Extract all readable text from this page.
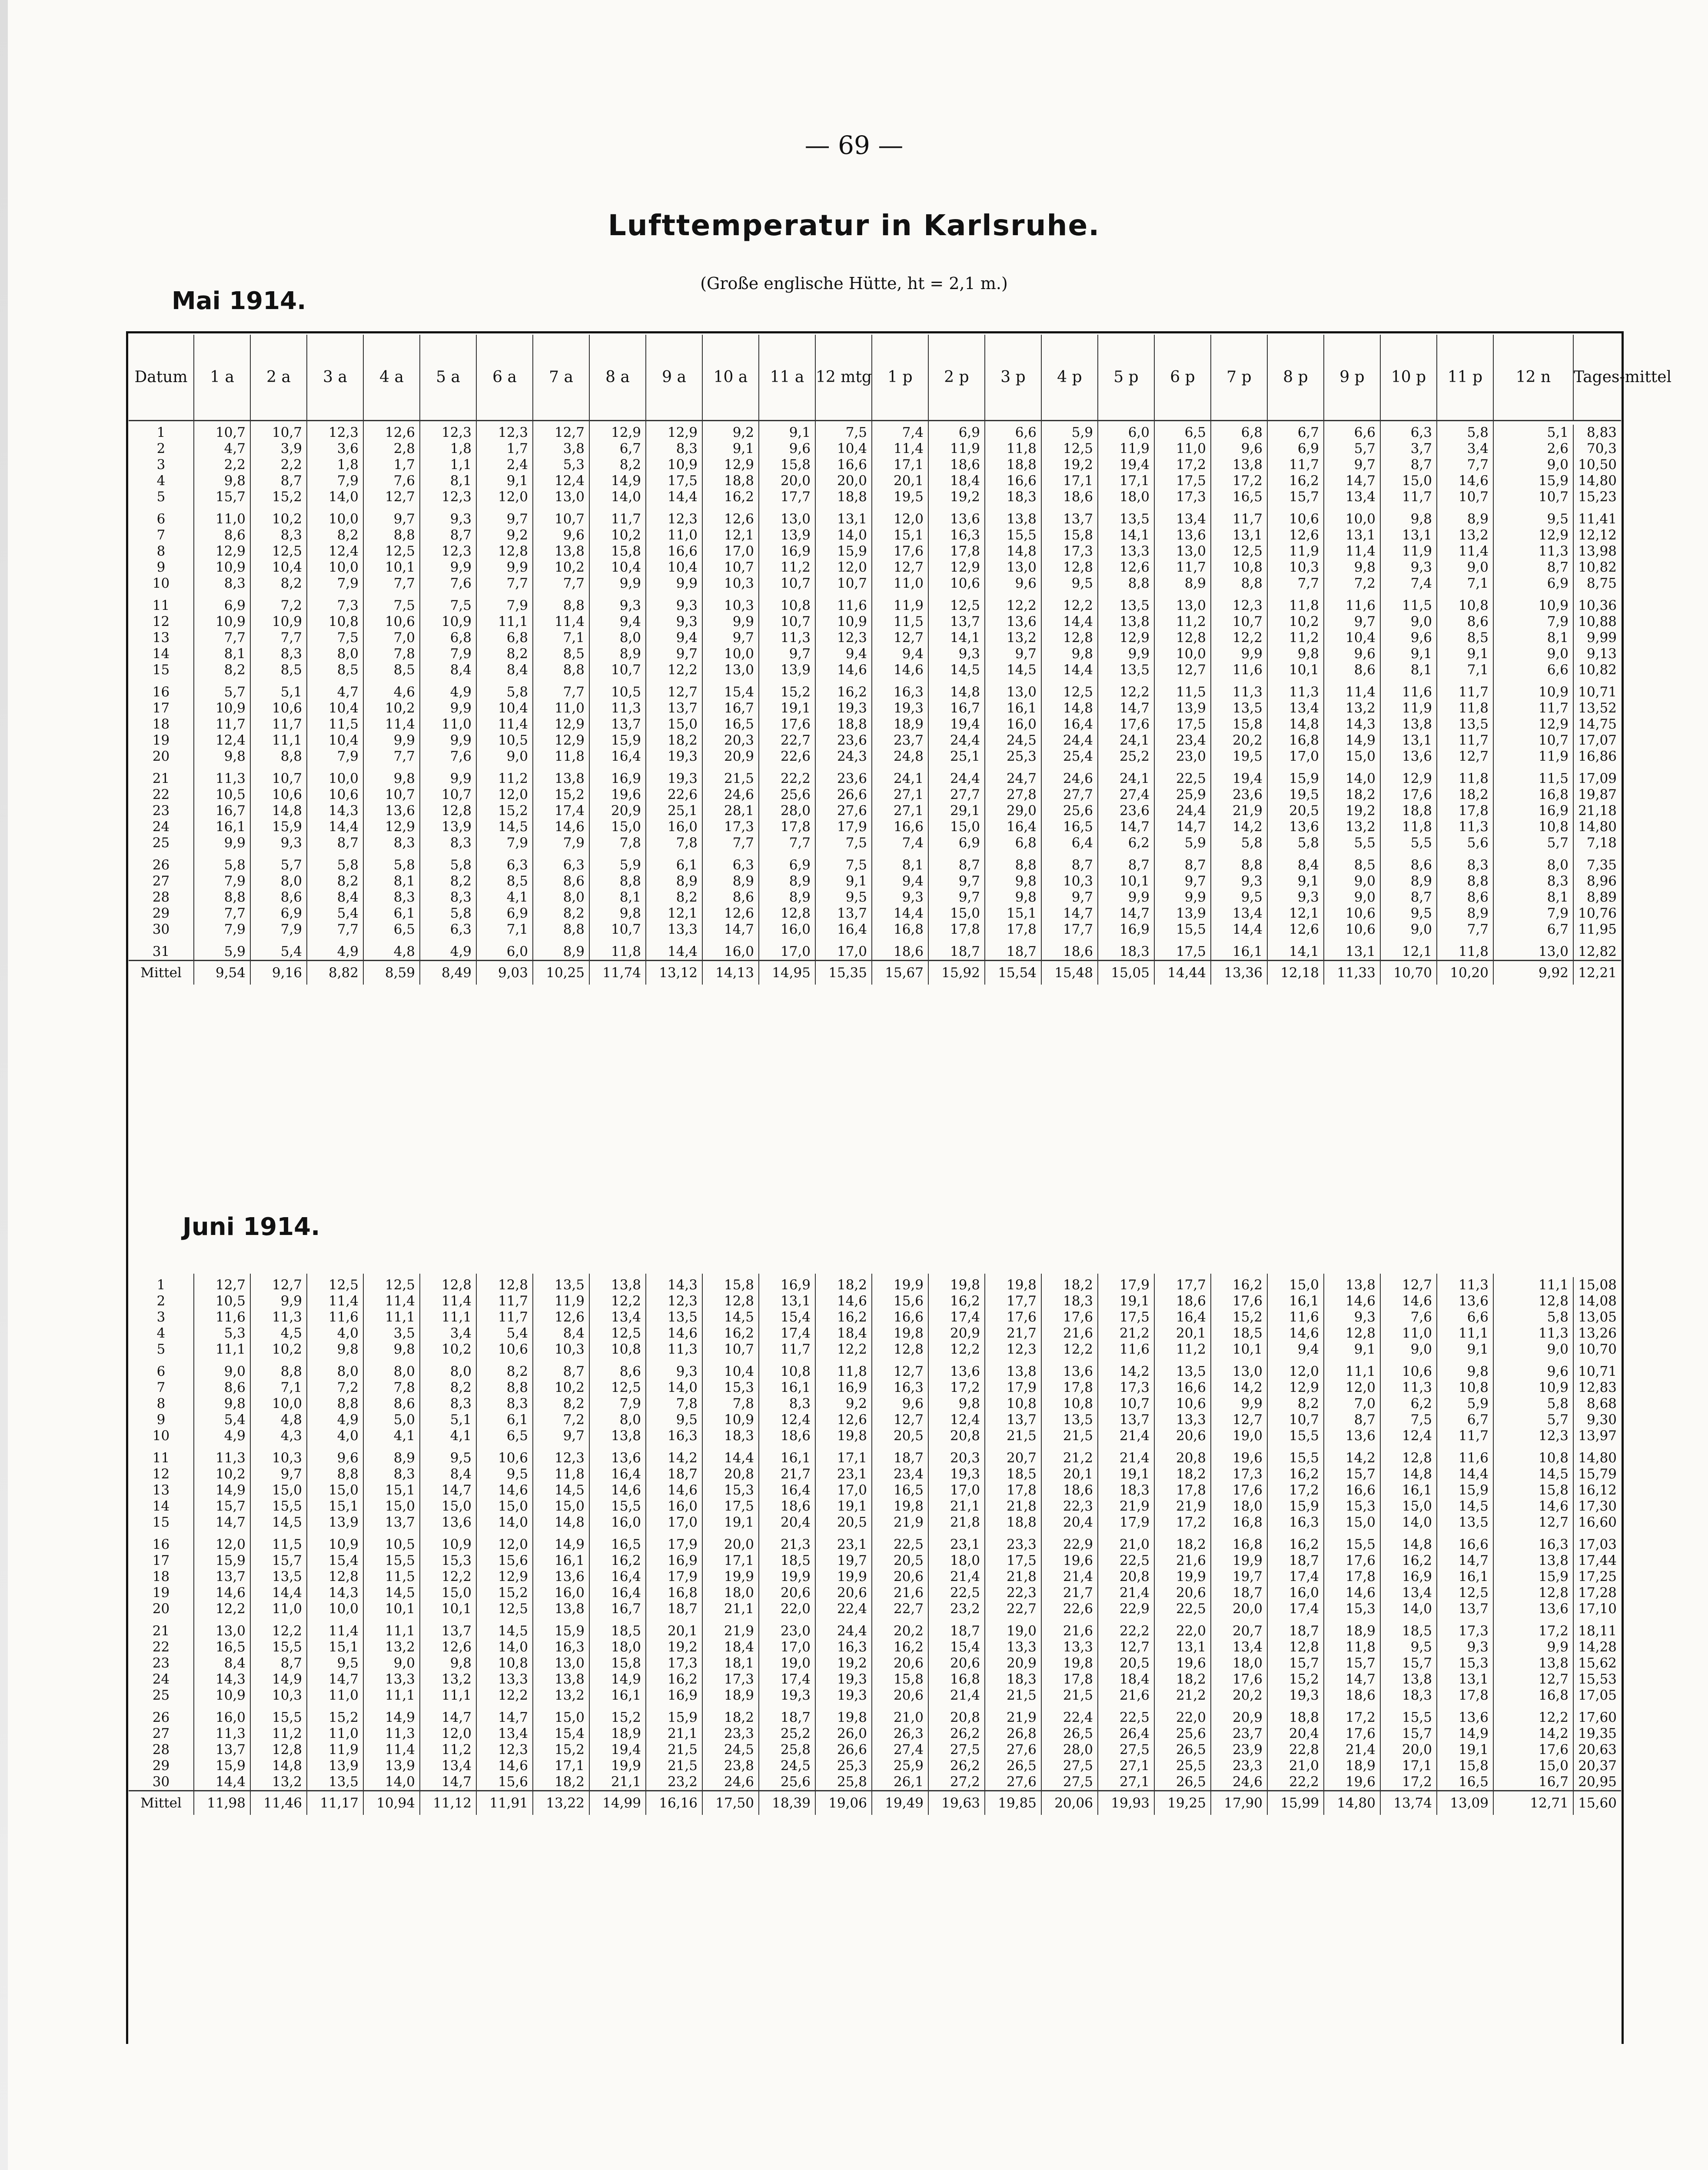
— 69 —
Lufttemperatur in Karlsruhe.
(Große englische Hütte, ht = 2,1 m.)
Mai 1914.
Datum	1 a	2 a	3 a	4 a	5 a	6 a	7 a	8 a	9 a	10 a	11 a	12 mtg	1 p	2 p	3 p	4 p	5 p	6 p	7 p	8 p	9 p	10 p	11 p	12 n	Tages-mittel

1	10,7	10,7	12,3	12,6	12,3	12,3	12,7	12,9	12,9	9,2	9,1	7,5	7,4	6,9	6,6	5,9	6,0	6,5	6,8	6,7	6,6	6,3	5,8	5,1	8,83
2	4,7	3,9	3,6	2,8	1,8	1,7	3,8	6,7	8,3	9,1	9,6	10,4	11,4	11,9	11,8	12,5	11,9	11,0	9,6	6,9	5,7	3,7	3,4	2,6	70,3
3	2,2	2,2	1,8	1,7	1,1	2,4	5,3	8,2	10,9	12,9	15,8	16,6	17,1	18,6	18,8	19,2	19,4	17,2	13,8	11,7	9,7	8,7	7,7	9,0	10,50
4	9,8	8,7	7,9	7,6	8,1	9,1	12,4	14,9	17,5	18,8	20,0	20,0	20,1	18,4	16,6	17,1	17,1	17,5	17,2	16,2	14,7	15,0	14,6	15,9	14,80
5	15,7	15,2	14,0	12,7	12,3	12,0	13,0	14,0	14,4	16,2	17,7	18,8	19,5	19,2	18,3	18,6	18,0	17,3	16,5	15,7	13,4	11,7	10,7	10,7	15,23
6	11,0	10,2	10,0	9,7	9,3	9,7	10,7	11,7	12,3	12,6	13,0	13,1	12,0	13,6	13,8	13,7	13,5	13,4	11,7	10,6	10,0	9,8	8,9	9,5	11,41
7	8,6	8,3	8,2	8,8	8,7	9,2	9,6	10,2	11,0	12,1	13,9	14,0	15,1	16,3	15,5	15,8	14,1	13,6	13,1	12,6	13,1	13,1	13,2	12,9	12,12
8	12,9	12,5	12,4	12,5	12,3	12,8	13,8	15,8	16,6	17,0	16,9	15,9	17,6	17,8	14,8	17,3	13,3	13,0	12,5	11,9	11,4	11,9	11,4	11,3	13,98
9	10,9	10,4	10,0	10,1	9,9	9,9	10,2	10,4	10,4	10,7	11,2	12,0	12,7	12,9	13,0	12,8	12,6	11,7	10,8	10,3	9,8	9,3	9,0	8,7	10,82
10	8,3	8,2	7,9	7,7	7,6	7,7	7,7	9,9	9,9	10,3	10,7	10,7	11,0	10,6	9,6	9,5	8,8	8,9	8,8	7,7	7,2	7,4	7,1	6,9	8,75
11	6,9	7,2	7,3	7,5	7,5	7,9	8,8	9,3	9,3	10,3	10,8	11,6	11,9	12,5	12,2	12,2	13,5	13,0	12,3	11,8	11,6	11,5	10,8	10,9	10,36
12	10,9	10,9	10,8	10,6	10,9	11,1	11,4	9,4	9,3	9,9	10,7	10,9	11,5	13,7	13,6	14,4	13,8	11,2	10,7	10,2	9,7	9,0	8,6	7,9	10,88
13	7,7	7,7	7,5	7,0	6,8	6,8	7,1	8,0	9,4	9,7	11,3	12,3	12,7	14,1	13,2	12,8	12,9	12,8	12,2	11,2	10,4	9,6	8,5	8,1	9,99
14	8,1	8,3	8,0	7,8	7,9	8,2	8,5	8,9	9,7	10,0	9,7	9,4	9,4	9,3	9,7	9,8	9,9	10,0	9,9	9,8	9,6	9,1	9,1	9,0	9,13
15	8,2	8,5	8,5	8,5	8,4	8,4	8,8	10,7	12,2	13,0	13,9	14,6	14,6	14,5	14,5	14,4	13,5	12,7	11,6	10,1	8,6	8,1	7,1	6,6	10,82
16	5,7	5,1	4,7	4,6	4,9	5,8	7,7	10,5	12,7	15,4	15,2	16,2	16,3	14,8	13,0	12,5	12,2	11,5	11,3	11,3	11,4	11,6	11,7	10,9	10,71
17	10,9	10,6	10,4	10,2	9,9	10,4	11,0	11,3	13,7	16,7	19,1	19,3	19,3	16,7	16,1	14,8	14,7	13,9	13,5	13,4	13,2	11,9	11,8	11,7	13,52
18	11,7	11,7	11,5	11,4	11,0	11,4	12,9	13,7	15,0	16,5	17,6	18,8	18,9	19,4	16,0	16,4	17,6	17,5	15,8	14,8	14,3	13,8	13,5	12,9	14,75
19	12,4	11,1	10,4	9,9	9,9	10,5	12,9	15,9	18,2	20,3	22,7	23,6	23,7	24,4	24,5	24,4	24,1	23,4	20,2	16,8	14,9	13,1	11,7	10,7	17,07
20	9,8	8,8	7,9	7,7	7,6	9,0	11,8	16,4	19,3	20,9	22,6	24,3	24,8	25,1	25,3	25,4	25,2	23,0	19,5	17,0	15,0	13,6	12,7	11,9	16,86
21	11,3	10,7	10,0	9,8	9,9	11,2	13,8	16,9	19,3	21,5	22,2	23,6	24,1	24,4	24,7	24,6	24,1	22,5	19,4	15,9	14,0	12,9	11,8	11,5	17,09
22	10,5	10,6	10,6	10,7	10,7	12,0	15,2	19,6	22,6	24,6	25,6	26,6	27,1	27,7	27,8	27,7	27,4	25,9	23,6	19,5	18,2	17,6	18,2	16,8	19,87
23	16,7	14,8	14,3	13,6	12,8	15,2	17,4	20,9	25,1	28,1	28,0	27,6	27,1	29,1	29,0	25,6	23,6	24,4	21,9	20,5	19,2	18,8	17,8	16,9	21,18
24	16,1	15,9	14,4	12,9	13,9	14,5	14,6	15,0	16,0	17,3	17,8	17,9	16,6	15,0	16,4	16,5	14,7	14,7	14,2	13,6	13,2	11,8	11,3	10,8	14,80
25	9,9	9,3	8,7	8,3	8,3	7,9	7,9	7,8	7,8	7,7	7,7	7,5	7,4	6,9	6,8	6,4	6,2	5,9	5,8	5,8	5,5	5,5	5,6	5,7	7,18
26	5,8	5,7	5,8	5,8	5,8	6,3	6,3	5,9	6,1	6,3	6,9	7,5	8,1	8,7	8,8	8,7	8,7	8,7	8,8	8,4	8,5	8,6	8,3	8,0	7,35
27	7,9	8,0	8,2	8,1	8,2	8,5	8,6	8,8	8,9	8,9	8,9	9,1	9,4	9,7	9,8	10,3	10,1	9,7	9,3	9,1	9,0	8,9	8,8	8,3	8,96
28	8,8	8,6	8,4	8,3	8,3	4,1	8,0	8,1	8,2	8,6	8,9	9,5	9,3	9,7	9,8	9,7	9,9	9,9	9,5	9,3	9,0	8,7	8,6	8,1	8,89
29	7,7	6,9	5,4	6,1	5,8	6,9	8,2	9,8	12,1	12,6	12,8	13,7	14,4	15,0	15,1	14,7	14,7	13,9	13,4	12,1	10,6	9,5	8,9	7,9	10,76
30	7,9	7,9	7,7	6,5	6,3	7,1	8,8	10,7	13,3	14,7	16,0	16,4	16,8	17,8	17,8	17,7	16,9	15,5	14,4	12,6	10,6	9,0	7,7	6,7	11,95
31	5,9	5,4	4,9	4,8	4,9	6,0	8,9	11,8	14,4	16,0	17,0	17,0	18,6	18,7	18,7	18,6	18,3	17,5	16,1	14,1	13,1	12,1	11,8	13,0	12,82
Mittel	9,54	9,16	8,82	8,59	8,49	9,03	10,25	11,74	13,12	14,13	14,95	15,35	15,67	15,92	15,54	15,48	15,05	14,44	13,36	12,18	11,33	10,70	10,20	9,92	12,21
Juni 1914.

1	12,7	12,7	12,5	12,5	12,8	12,8	13,5	13,8	14,3	15,8	16,9	18,2	19,9	19,8	19,8	18,2	17,9	17,7	16,2	15,0	13,8	12,7	11,3	11,1	15,08
2	10,5	9,9	11,4	11,4	11,4	11,7	11,9	12,2	12,3	12,8	13,1	14,6	15,6	16,2	17,7	18,3	19,1	18,6	17,6	16,1	14,6	14,6	13,6	12,8	14,08
3	11,6	11,3	11,6	11,1	11,1	11,7	12,6	13,4	13,5	14,5	15,4	16,2	16,6	17,4	17,6	17,6	17,5	16,4	15,2	11,6	9,3	7,6	6,6	5,8	13,05
4	5,3	4,5	4,0	3,5	3,4	5,4	8,4	12,5	14,6	16,2	17,4	18,4	19,8	20,9	21,7	21,6	21,2	20,1	18,5	14,6	12,8	11,0	11,1	11,3	13,26
5	11,1	10,2	9,8	9,8	10,2	10,6	10,3	10,8	11,3	10,7	11,7	12,2	12,8	12,2	12,3	12,2	11,6	11,2	10,1	9,4	9,1	9,0	9,1	9,0	10,70
6	9,0	8,8	8,0	8,0	8,0	8,2	8,7	8,6	9,3	10,4	10,8	11,8	12,7	13,6	13,8	13,6	14,2	13,5	13,0	12,0	11,1	10,6	9,8	9,6	10,71
7	8,6	7,1	7,2	7,8	8,2	8,8	10,2	12,5	14,0	15,3	16,1	16,9	16,3	17,2	17,9	17,8	17,3	16,6	14,2	12,9	12,0	11,3	10,8	10,9	12,83
8	9,8	10,0	8,8	8,6	8,3	8,3	8,2	7,9	7,8	7,8	8,3	9,2	9,6	9,8	10,8	10,8	10,7	10,6	9,9	8,2	7,0	6,2	5,9	5,8	8,68
9	5,4	4,8	4,9	5,0	5,1	6,1	7,2	8,0	9,5	10,9	12,4	12,6	12,7	12,4	13,7	13,5	13,7	13,3	12,7	10,7	8,7	7,5	6,7	5,7	9,30
10	4,9	4,3	4,0	4,1	4,1	6,5	9,7	13,8	16,3	18,3	18,6	19,8	20,5	20,8	21,5	21,5	21,4	20,6	19,0	15,5	13,6	12,4	11,7	12,3	13,97
11	11,3	10,3	9,6	8,9	9,5	10,6	12,3	13,6	14,2	14,4	16,1	17,1	18,7	20,3	20,7	21,2	21,4	20,8	19,6	15,5	14,2	12,8	11,6	10,8	14,80
12	10,2	9,7	8,8	8,3	8,4	9,5	11,8	16,4	18,7	20,8	21,7	23,1	23,4	19,3	18,5	20,1	19,1	18,2	17,3	16,2	15,7	14,8	14,4	14,5	15,79
13	14,9	15,0	15,0	15,1	14,7	14,6	14,5	14,6	14,6	15,3	16,4	17,0	16,5	17,0	17,8	18,6	18,3	17,8	17,6	17,2	16,6	16,1	15,9	15,8	16,12
14	15,7	15,5	15,1	15,0	15,0	15,0	15,0	15,5	16,0	17,5	18,6	19,1	19,8	21,1	21,8	22,3	21,9	21,9	18,0	15,9	15,3	15,0	14,5	14,6	17,30
15	14,7	14,5	13,9	13,7	13,6	14,0	14,8	16,0	17,0	19,1	20,4	20,5	21,9	21,8	18,8	20,4	17,9	17,2	16,8	16,3	15,0	14,0	13,5	12,7	16,60
16	12,0	11,5	10,9	10,5	10,9	12,0	14,9	16,5	17,9	20,0	21,3	23,1	22,5	23,1	23,3	22,9	21,0	18,2	16,8	16,2	15,5	14,8	16,6	16,3	17,03
17	15,9	15,7	15,4	15,5	15,3	15,6	16,1	16,2	16,9	17,1	18,5	19,7	20,5	18,0	17,5	19,6	22,5	21,6	19,9	18,7	17,6	16,2	14,7	13,8	17,44
18	13,7	13,5	12,8	11,5	12,2	12,9	13,6	16,4	17,9	19,9	19,9	19,9	20,6	21,4	21,8	21,4	20,8	19,9	19,7	17,4	17,8	16,9	16,1	15,9	17,25
19	14,6	14,4	14,3	14,5	15,0	15,2	16,0	16,4	16,8	18,0	20,6	20,6	21,6	22,5	22,3	21,7	21,4	20,6	18,7	16,0	14,6	13,4	12,5	12,8	17,28
20	12,2	11,0	10,0	10,1	10,1	12,5	13,8	16,7	18,7	21,1	22,0	22,4	22,7	23,2	22,7	22,6	22,9	22,5	20,0	17,4	15,3	14,0	13,7	13,6	17,10
21	13,0	12,2	11,4	11,1	13,7	14,5	15,9	18,5	20,1	21,9	23,0	24,4	20,2	18,7	19,0	21,6	22,2	22,0	20,7	18,7	18,9	18,5	17,3	17,2	18,11
22	16,5	15,5	15,1	13,2	12,6	14,0	16,3	18,0	19,2	18,4	17,0	16,3	16,2	15,4	13,3	13,3	12,7	13,1	13,4	12,8	11,8	9,5	9,3	9,9	14,28
23	8,4	8,7	9,5	9,0	9,8	10,8	13,0	15,8	17,3	18,1	19,0	19,2	20,6	20,6	20,9	19,8	20,5	19,6	18,0	15,7	15,7	15,7	15,3	13,8	15,62
24	14,3	14,9	14,7	13,3	13,2	13,3	13,8	14,9	16,2	17,3	17,4	19,3	15,8	16,8	18,3	17,8	18,4	18,2	17,6	15,2	14,7	13,8	13,1	12,7	15,53
25	10,9	10,3	11,0	11,1	11,1	12,2	13,2	16,1	16,9	18,9	19,3	19,3	20,6	21,4	21,5	21,5	21,6	21,2	20,2	19,3	18,6	18,3	17,8	16,8	17,05
26	16,0	15,5	15,2	14,9	14,7	14,7	15,0	15,2	15,9	18,2	18,7	19,8	21,0	20,8	21,9	22,4	22,5	22,0	20,9	18,8	17,2	15,5	13,6	12,2	17,60
27	11,3	11,2	11,0	11,3	12,0	13,4	15,4	18,9	21,1	23,3	25,2	26,0	26,3	26,2	26,8	26,5	26,4	25,6	23,7	20,4	17,6	15,7	14,9	14,2	19,35
28	13,7	12,8	11,9	11,4	11,2	12,3	15,2	19,4	21,5	24,5	25,8	26,6	27,4	27,5	27,6	28,0	27,5	26,5	23,9	22,8	21,4	20,0	19,1	17,6	20,63
29	15,9	14,8	13,9	13,9	13,4	14,6	17,1	19,9	21,5	23,8	24,5	25,3	25,9	26,2	26,5	27,5	27,1	25,5	23,3	21,0	18,9	17,1	15,8	15,0	20,37
30	14,4	13,2	13,5	14,0	14,7	15,6	18,2	21,1	23,2	24,6	25,6	25,8	26,1	27,2	27,6	27,5	27,1	26,5	24,6	22,2	19,6	17,2	16,5	16,7	20,95
Mittel	11,98	11,46	11,17	10,94	11,12	11,91	13,22	14,99	16,16	17,50	18,39	19,06	19,49	19,63	19,85	20,06	19,93	19,25	17,90	15,99	14,80	13,74	13,09	12,71	15,60
